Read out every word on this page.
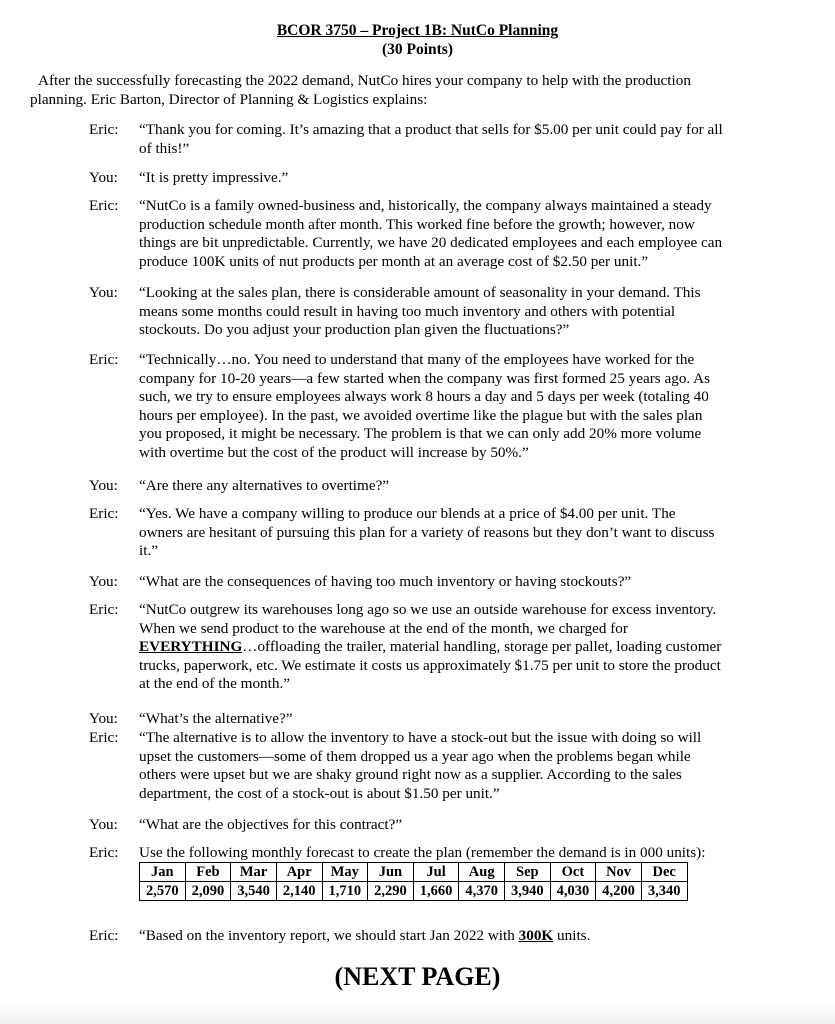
BCOR 3750 – Project 1B: NutCo Planning
(30 Points)
After the successfully forecasting the 2022 demand, NutCo hires your company to help with the production
planning. Eric Barton, Director of Planning & Logistics explains:
Eric: “Thank you for coming. It’s amazing that a product that sells for $5.00 per unit could pay for all
of this!”
You: “It is pretty impressive.”
Eric: “NutCo is a family owned-business and, historically, the company always maintained a steady
production schedule month after month. This worked fine before the growth; however, now
things are bit unpredictable. Currently, we have 20 dedicated employees and each employee can
produce 100K units of nut products per month at an average cost of $2.50 per unit.”
You: “Looking at the sales plan, there is considerable amount of seasonality in your demand. This
means some months could result in having too much inventory and others with potential
stockouts. Do you adjust your production plan given the fluctuations?”
Eric: “Technically…no. You need to understand that many of the employees have worked for the
company for 10-20 years—a few started when the company was first formed 25 years ago. As
such, we try to ensure employees always work 8 hours a day and 5 days per week (totaling 40
hours per employee). In the past, we avoided overtime like the plague but with the sales plan
you proposed, it might be necessary. The problem is that we can only add 20% more volume
with overtime but the cost of the product will increase by 50%.”
You: “Are there any alternatives to overtime?”
Eric: “Yes. We have a company willing to produce our blends at a price of $4.00 per unit. The
owners are hesitant of pursuing this plan for a variety of reasons but they don’t want to discuss
it.”
You: “What are the consequences of having too much inventory or having stockouts?”
Eric: “NutCo outgrew its warehouses long ago so we use an outside warehouse for excess inventory.
When we send product to the warehouse at the end of the month, we charged for
EVERYTHING…offloading the trailer, material handling, storage per pallet, loading customer
trucks, paperwork, etc. We estimate it costs us approximately $1.75 per unit to store the product
at the end of the month.”
You: “What’s the alternative?”
Eric: “The alternative is to allow the inventory to have a stock-out but the issue with doing so will
upset the customers—some of them dropped us a year ago when the problems began while
others were upset but we are shaky ground right now as a supplier. According to the sales
department, the cost of a stock-out is about $1.50 per unit.”
You: “What are the objectives for this contract?”
Eric: Use the following monthly forecast to create the plan (remember the demand is in 000 units):
Jan	Feb	Mar	Apr	May	Jun	Jul	Aug	Sep	Oct	Nov	Dec
2,570	2,090	3,540	2,140	1,710	2,290	1,660	4,370	3,940	4,030	4,200	3,340
Eric: “Based on the inventory report, we should start Jan 2022 with 300K units.
(NEXT PAGE)
